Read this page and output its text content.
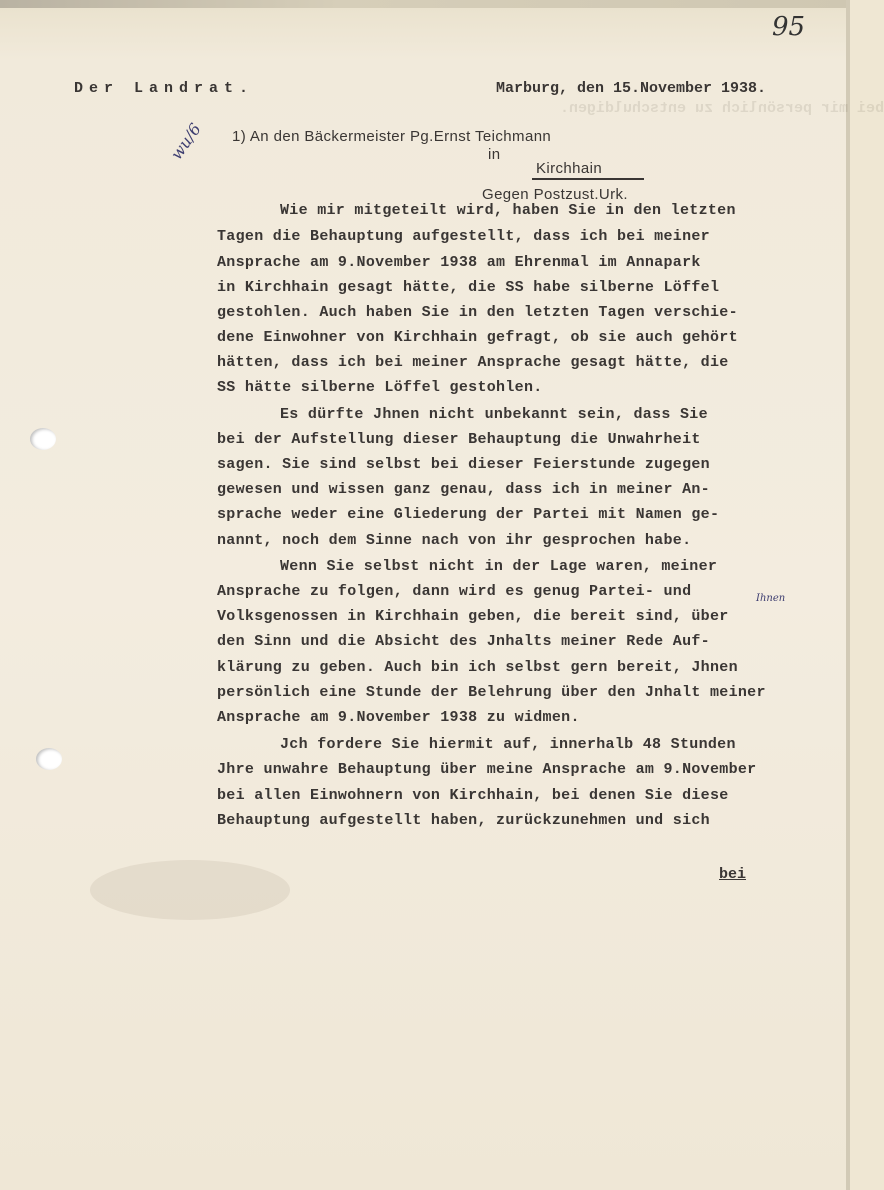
bei mir persönlich zu entschuldigen.
95
wu/6
Der Landrat.	Marburg, den 15.November 1938.
1) An den Bäckermeister Pg.Ernst Teichmann
in
Kirchhain
Gegen Postzust.Urk.
Wie mir mitgeteilt wird, haben Sie in den letzten
Tagen die Behauptung aufgestellt, dass ich bei meiner
Ansprache am 9.November 1938 am Ehrenmal im Annapark
in Kirchhain gesagt hätte, die SS habe silberne Löffel
gestohlen. Auch haben Sie in den letzten Tagen verschie-
dene Einwohner von Kirchhain gefragt, ob sie auch gehört
hätten, dass ich bei meiner Ansprache gesagt hätte, die
SS hätte silberne Löffel gestohlen.
Es dürfte Jhnen nicht unbekannt sein, dass Sie
bei der Aufstellung dieser Behauptung die Unwahrheit
sagen. Sie sind selbst bei dieser Feierstunde zugegen
gewesen und wissen ganz genau, dass ich in meiner An-
sprache weder eine Gliederung der Partei mit Namen ge-
nannt, noch dem Sinne nach von ihr gesprochen habe.
Wenn Sie selbst nicht in der Lage waren, meiner
Ansprache zu folgen, dann wird es genug Partei- und
Volksgenossen in Kirchhain geben, die bereit sind, über
den Sinn und die Absicht des Jnhalts meiner Rede Auf-
klärung zu geben. Auch bin ich selbst gern bereit, Jhnen
persönlich eine Stunde der Belehrung über den Jnhalt meiner
Ansprache am 9.November 1938 zu widmen.
Jch fordere Sie hiermit auf, innerhalb 48 Stunden
Jhre unwahre Behauptung über meine Ansprache am 9.November
bei allen Einwohnern von Kirchhain, bei denen Sie diese
Behauptung aufgestellt haben, zurückzunehmen und sich
Ihnen
bei
